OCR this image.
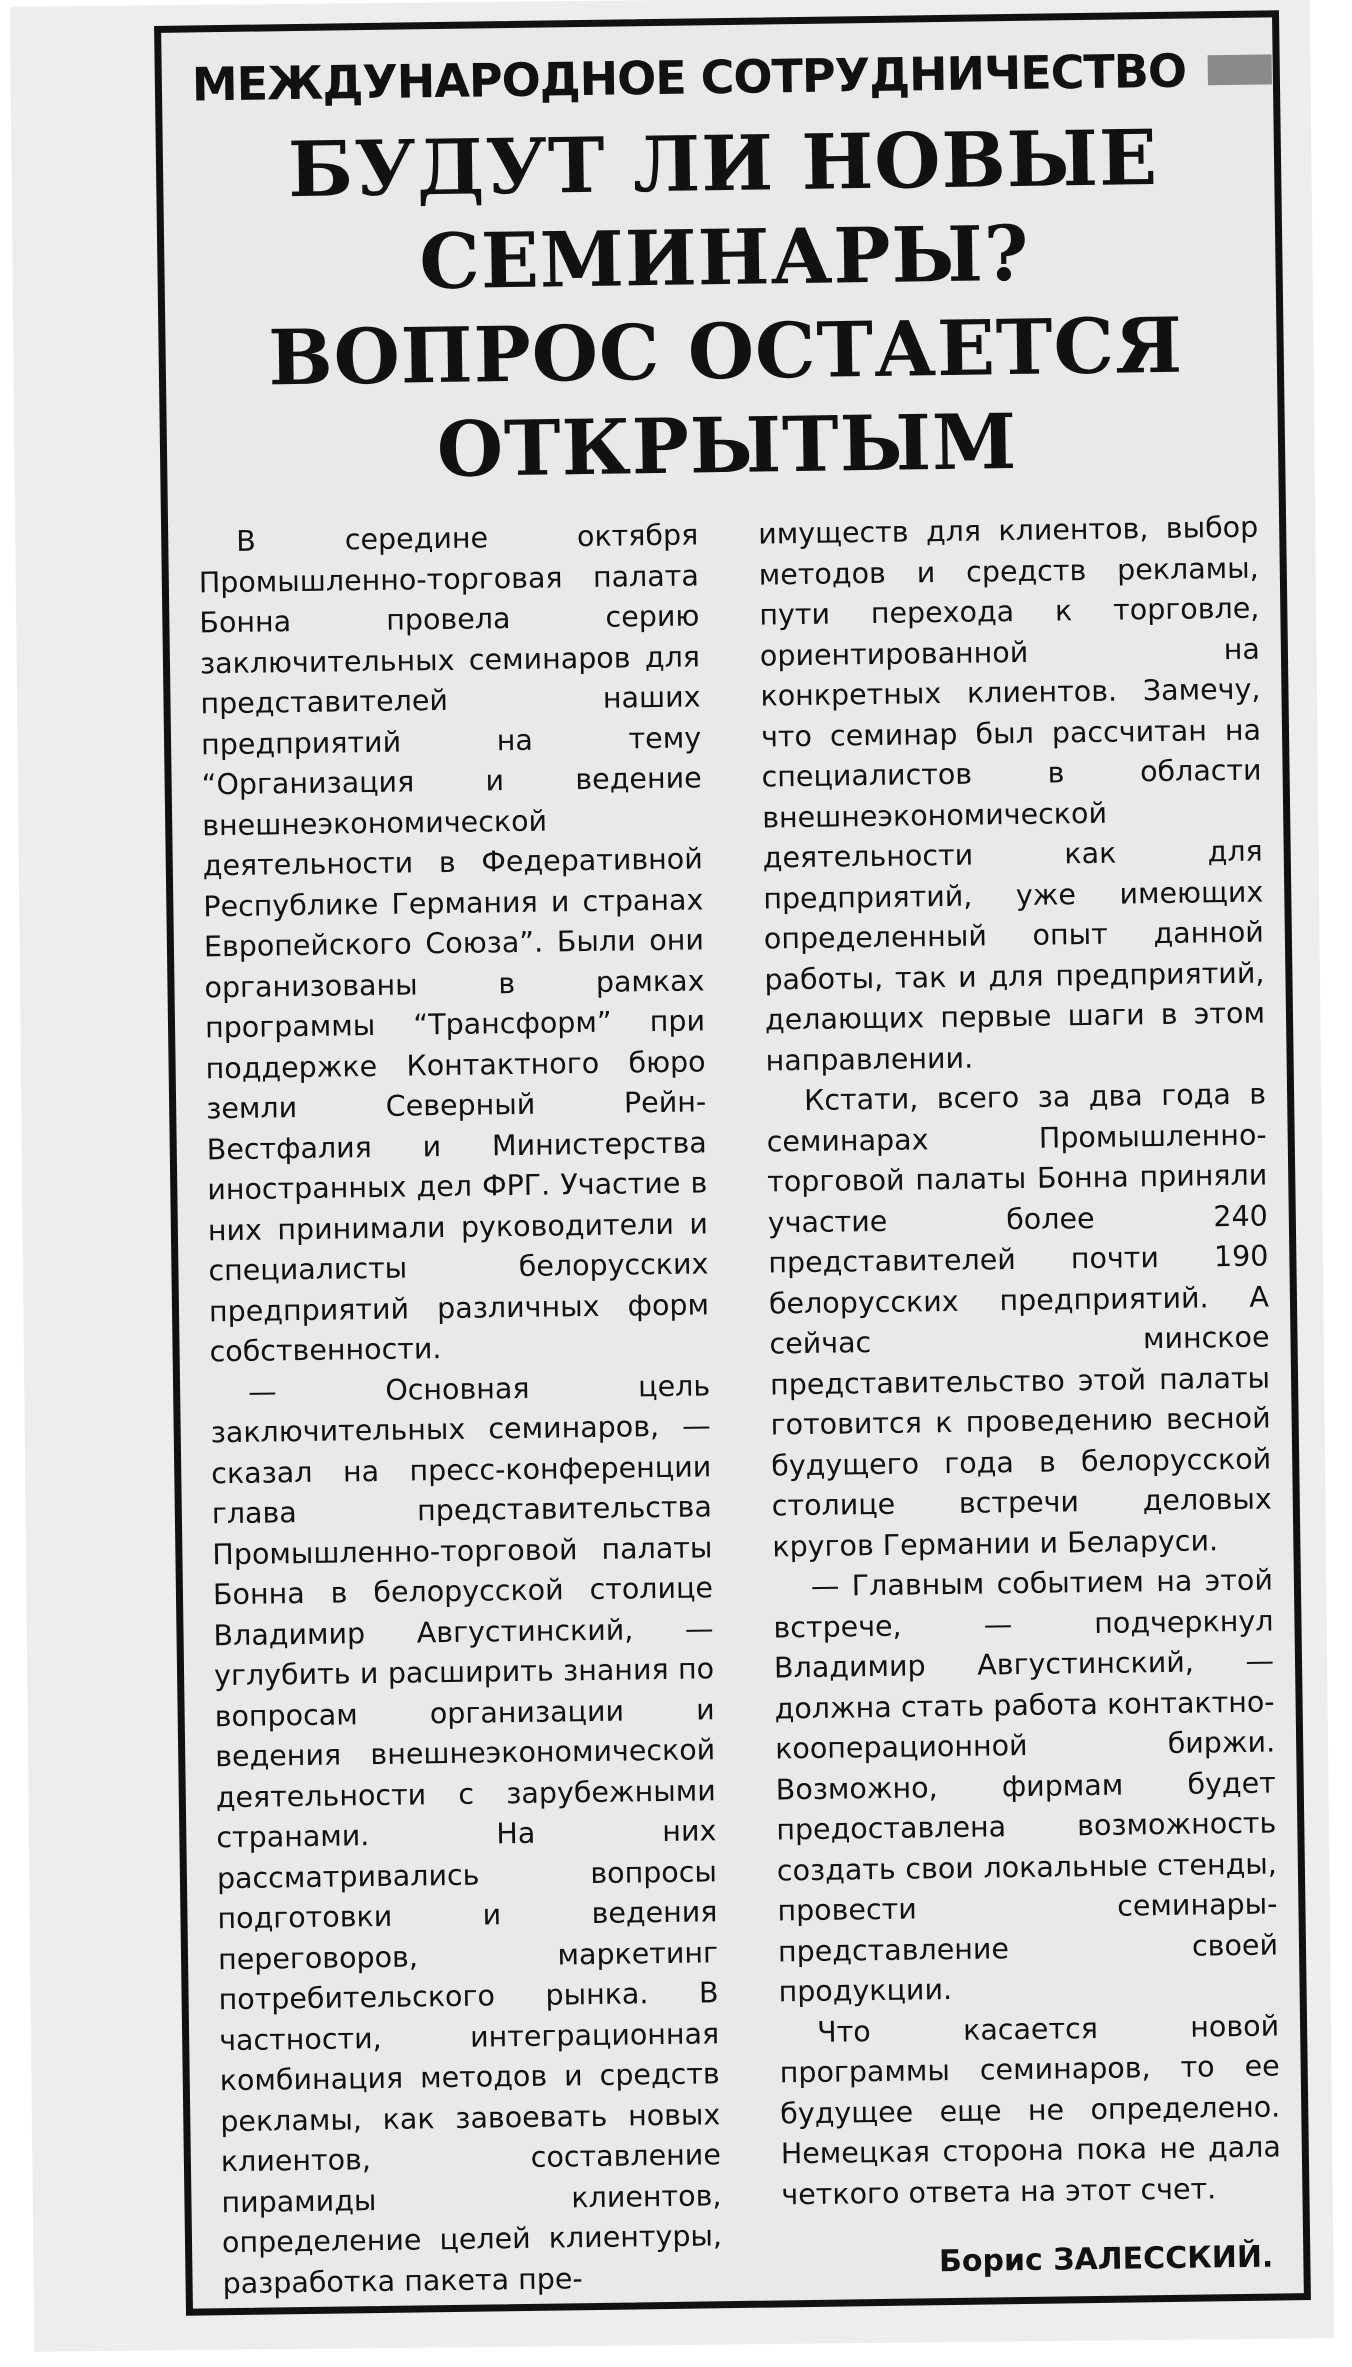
МЕЖДУНАРОДНОЕ СОТРУДНИЧЕСТВО
БУДУТ ЛИ НОВЫЕ
СЕМИНАРЫ?
ВОПРОС ОСТАЕТСЯ
ОТКРЫТЫМ

В середине октября Промышленно-торговая палата Бонна провела серию заключительных семинаров для представителей наших предприятий на тему “Организация и ведение внешнеэкономической деятельности в Федеративной Республике Германия и странах Европейского Союза”. Были они организованы в рамках программы “Трансформ” при поддержке Контактного бюро земли Северный Рейн-Вестфалия и Министерства иностранных дел ФРГ. Участие в них принимали руководители и специалисты белорусских предприятий различных форм собственности.

— Основная цель заключительных семинаров, — сказал на пресс-конференции глава представительства Промышленно-торговой палаты Бонна в белорусской столице Владимир Августинский, — углубить и расширить знания по вопросам организации и ведения внешнеэкономической деятельности с зарубежными странами. На них рассматривались вопросы подготовки и ведения переговоров, маркетинг потребительского рынка. В частности, интеграционная комбинация методов и средств рекламы, как завоевать новых клиентов, составление пирамиды клиентов, определение целей клиентуры, разработка пакета пре-

имуществ для клиентов, выбор методов и средств рекламы, пути перехода к торговле, ориентированной на конкретных клиентов. Замечу, что семинар был рассчитан на специалистов в области внешнеэкономической деятельности как для предприятий, уже имеющих определенный опыт данной работы, так и для предприятий, делающих первые шаги в этом направлении.

Кстати, всего за два года в семинарах Промышленно-торговой палаты Бонна приняли участие более 240 представителей почти 190 белорусских предприятий. А сейчас минское представительство этой палаты готовится к проведению весной будущего года в белорусской столице встречи деловых кругов Германии и Беларуси.

— Главным событием на этой встрече, — подчеркнул Владимир Августинский, — должна стать работа контактно-кооперационной биржи. Возможно, фирмам будет предоставлена возможность создать свои локальные стенды, провести семинары-представление своей продукции.

Что касается новой программы семинаров, то ее будущее еще не определено. Немецкая сторона пока не дала четкого ответа на этот счет.

Борис ЗАЛЕССКИЙ.
